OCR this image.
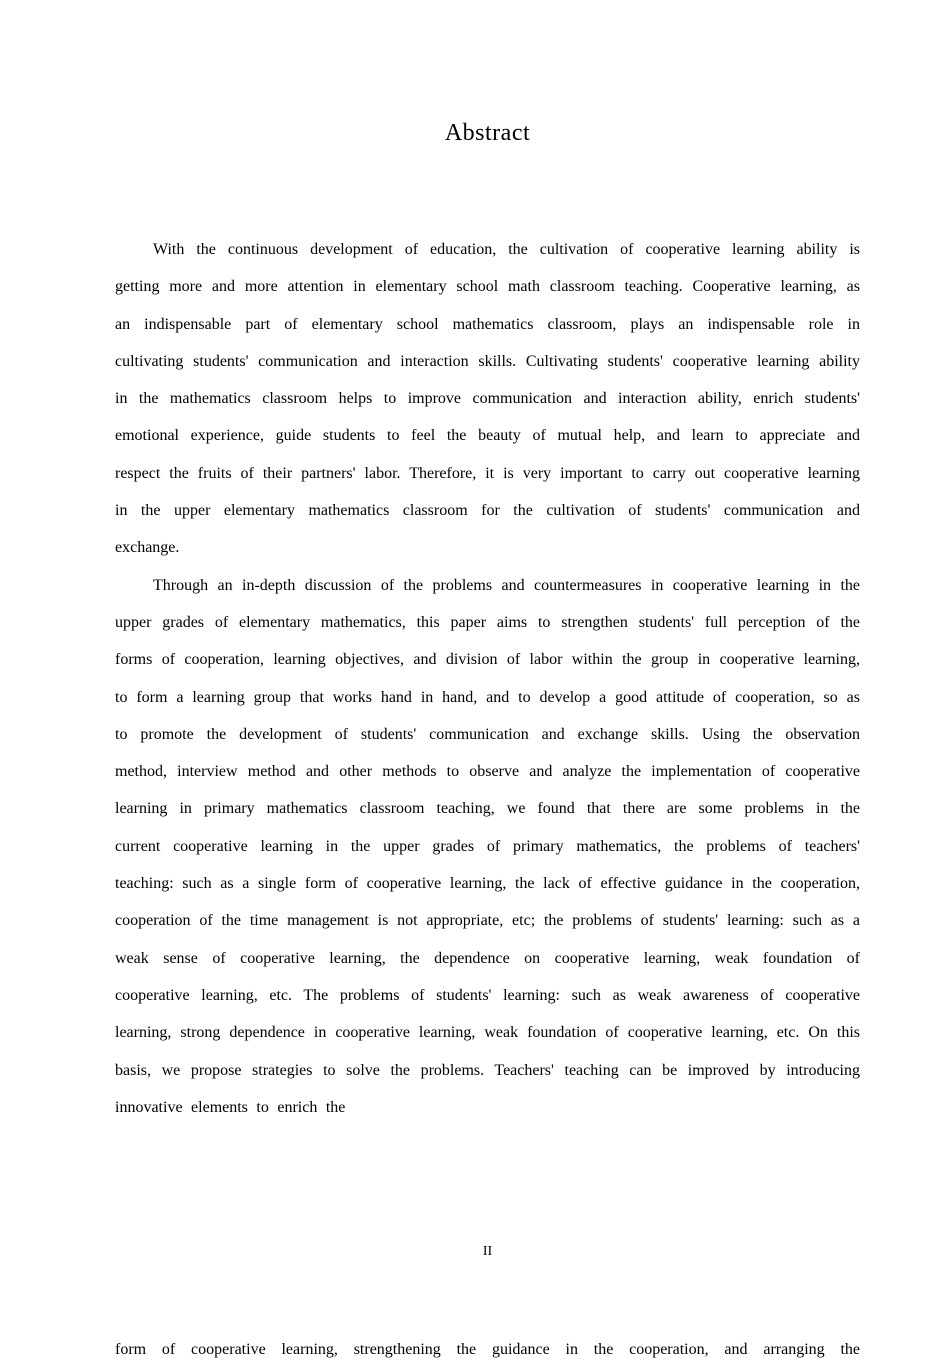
Abstract

With the continuous development of education, the cultivation of cooperative learning ability is getting more and more attention in elementary school math classroom teaching. Cooperative learning, as an indispensable part of elementary school mathematics classroom, plays an indispensable role in cultivating students' communication and interaction skills. Cultivating students' cooperative learning ability in the mathematics classroom helps to improve communication and interaction ability, enrich students' emotional experience, guide students to feel the beauty of mutual help, and learn to appreciate and respect the fruits of their partners' labor. Therefore, it is very important to carry out cooperative learning in the upper elementary mathematics classroom for the cultivation of students' communication and exchange.

Through an in-depth discussion of the problems and countermeasures in cooperative learning in the upper grades of elementary mathematics, this paper aims to strengthen students' full perception of the forms of cooperation, learning objectives, and division of labor within the group in cooperative learning, to form a learning group that works hand in hand, and to develop a good attitude of cooperation, so as to promote the development of students' communication and exchange skills. Using the observation method, interview method and other methods to observe and analyze the implementation of cooperative learning in primary mathematics classroom teaching, we found that there are some problems in the current cooperative learning in the upper grades of primary mathematics, the problems of teachers' teaching: such as a single form of cooperative learning, the lack of effective guidance in the cooperation, cooperation of the time management is not appropriate, etc; the problems of students' learning: such as a weak sense of cooperative learning, the dependence on cooperative learning, weak foundation of cooperative learning, etc. The problems of students' learning: such as weak awareness of cooperative learning, strong dependence in cooperative learning, weak foundation of cooperative learning, etc. On this basis, we propose strategies to solve the problems. Teachers' teaching can be improved by introducing innovative elements to enrich the

II
form of cooperative learning, strengthening the guidance in the cooperation, and arranging the
